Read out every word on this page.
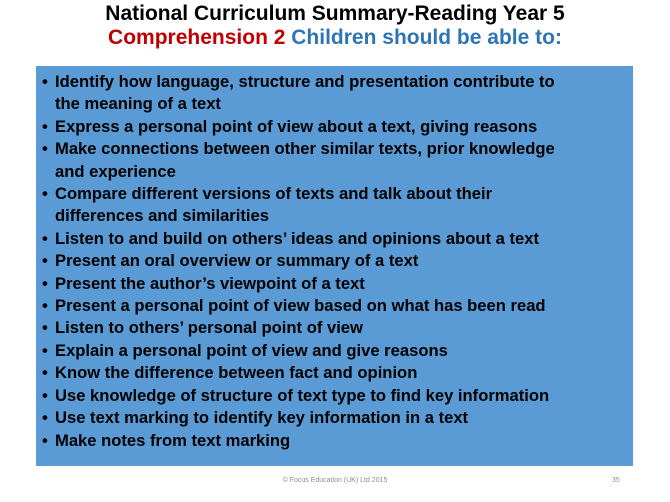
National Curriculum Summary-Reading Year 5
Comprehension 2 Children should be able to:
• Identify how language, structure and presentation contribute to
the meaning of a text
• Express a personal point of view about a text, giving reasons
• Make connections between other similar texts, prior knowledge
and experience
• Compare different versions of texts and talk about their
differences and similarities
• Listen to and build on others’ ideas and opinions about a text
• Present an oral overview or summary of a text
• Present the author’s viewpoint of a text
• Present a personal point of view based on what has been read
• Listen to others’ personal point of view
• Explain a personal point of view and give reasons
• Know the difference between fact and opinion
• Use knowledge of structure of text type to find key information
• Use text marking to identify key information in a text
• Make notes from text marking
© Focus Education (UK) Ltd 2015	35
